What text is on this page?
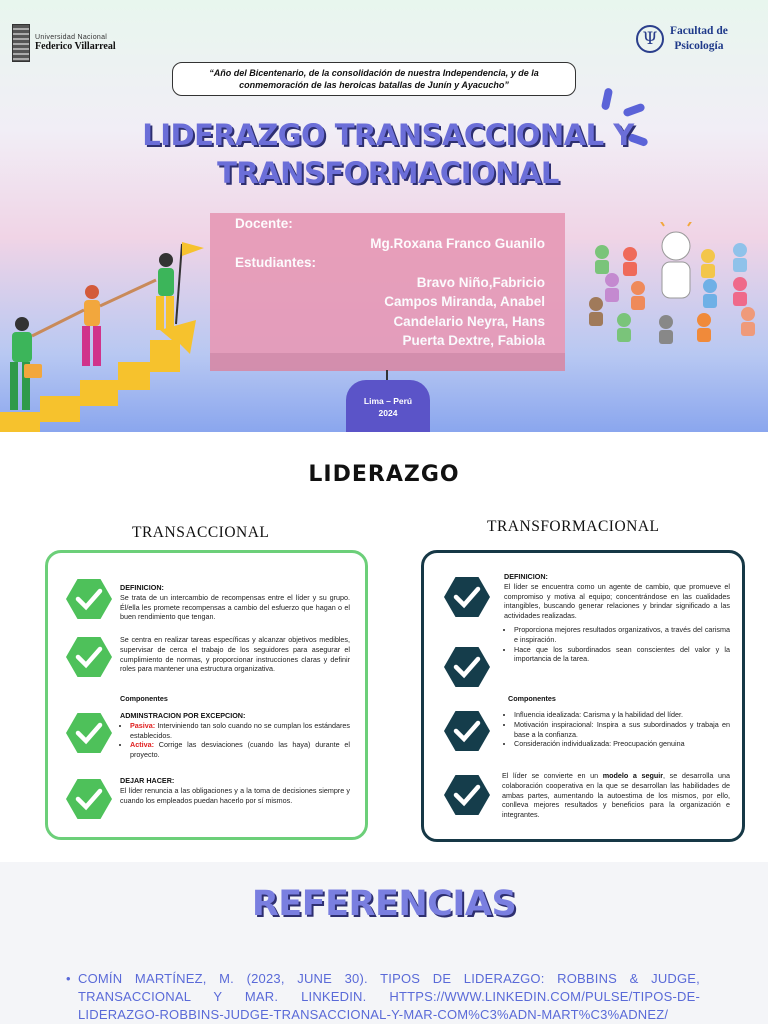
Universidad Nacional
Federico Villarreal	Ψ	Facultad de
Psicología
“Año del Bicentenario, de la consolidación de nuestra Independencia, y de la conmemoración de las heroicas batallas de Junín y Ayacucho”
LIDERAZGO TRANSACCIONAL Y
TRANSFORMACIONAL
Docente:
Mg.Roxana Franco Guanilo
Estudiantes:
Bravo Niño,Fabricio
Campos Miranda, Anabel
Candelario Neyra, Hans
Puerta Dextre, Fabiola
Lima – Perú
2024
LIDERAZGO
TRANSACCIONAL	TRANSFORMACIONAL
DEFINICION:
Se trata de un intercambio de recompensas entre el líder y su grupo. Él/ella les promete recompensas a cambio del esfuerzo que hagan o el buen rendimiento que tengan.
Se centra en realizar tareas específicas y alcanzar objetivos medibles, supervisar de cerca el trabajo de los seguidores para asegurar el cumplimiento de normas, y proporcionar instrucciones claras y definir roles para mantener una estructura organizativa.
Componentes
ADMINSTRACION POR EXCEPCION:
• Pasiva: Interviniendo tan solo cuando no se cumplan los estándares establecidos.
• Activa: Corrige las desviaciones (cuando las haya) durante el proyecto.
DEJAR HACER:
El líder renuncia a las obligaciones y a la toma de decisiones siempre y cuando los empleados puedan hacerlo por sí mismos.
DEFINICION:
El líder se encuentra como un agente de cambio, que promueve el compromiso y motiva al equipo; concentrándose en las cualidades intangibles, buscando generar relaciones y brindar significado a las actividades realizadas.
• Proporciona mejores resultados organizativos, a través del carisma e inspiración.
• Hace que los subordinados sean conscientes del valor y la importancia de la tarea.
Componentes
• Influencia idealizada: Carisma y la habilidad del líder.
• Motivación inspiracional: Inspira a sus subordinados y trabaja en base a la confianza.
• Consideración individualizada: Preocupación genuina
El líder se convierte en un modelo a seguir, se desarrolla una colaboración cooperativa en la que se desarrollan las habilidades de ambas partes, aumentando la autoestima de los mismos, por ello, conlleva mejores resultados y beneficios para la organización e integrantes.
REFERENCIAS
• COMÍN MARTÍNEZ, M. (2023, JUNE 30). TIPOS DE LIDERAZGO: ROBBINS & JUDGE, TRANSACCIONAL Y MAR. LINKEDIN. HTTPS://WWW.LINKEDIN.COM/PULSE/TIPOS-DE-LIDERAZGO-ROBBINS-JUDGE-TRANSACCIONAL-Y-MAR-COM%C3%ADN-MART%C3%ADNEZ/
